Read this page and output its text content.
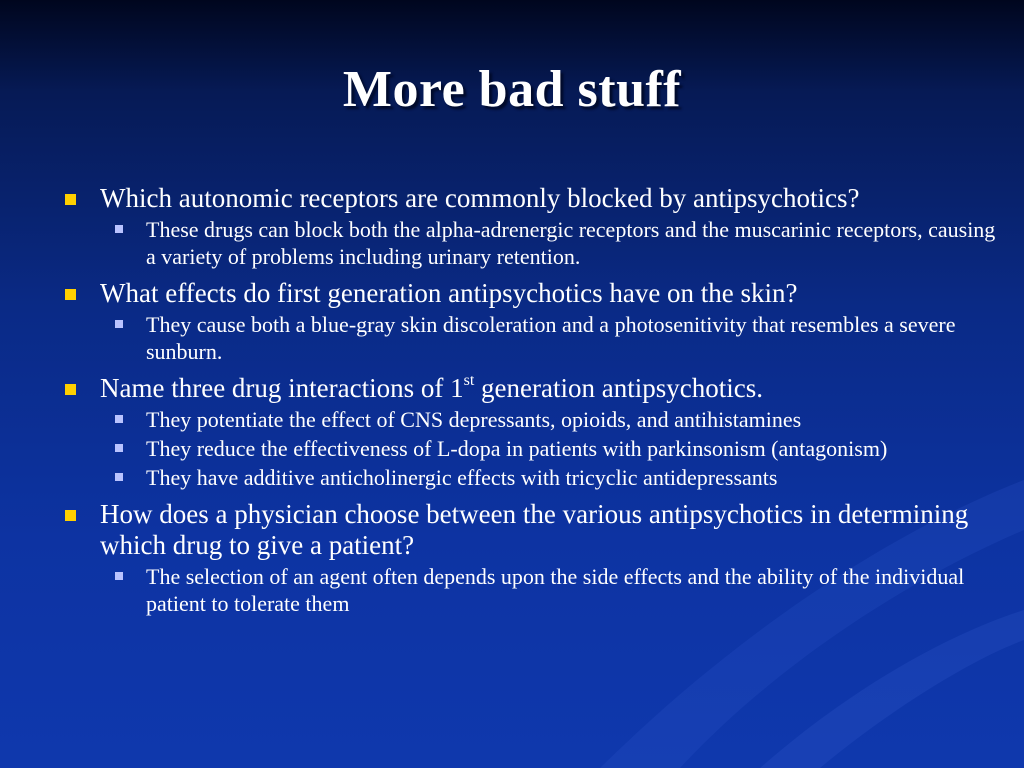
More bad stuff
Which autonomic receptors are commonly blocked by antipsychotics?
These drugs can block both the alpha-adrenergic receptors and the muscarinic receptors, causing a variety of problems including urinary retention.
What effects do first generation antipsychotics have on the skin?
They cause both a blue-gray skin discoleration and a photosenitivity that resembles a severe sunburn.
Name three drug interactions of 1st generation antipsychotics.
They potentiate the effect of CNS depressants, opioids, and antihistamines
They reduce the effectiveness of L-dopa in patients with parkinsonism (antagonism)
They have additive anticholinergic effects with tricyclic antidepressants
How does a physician choose between the various antipsychotics in determining which drug to give a patient?
The selection of an agent often depends upon the side effects and the ability of the individual patient to tolerate them
